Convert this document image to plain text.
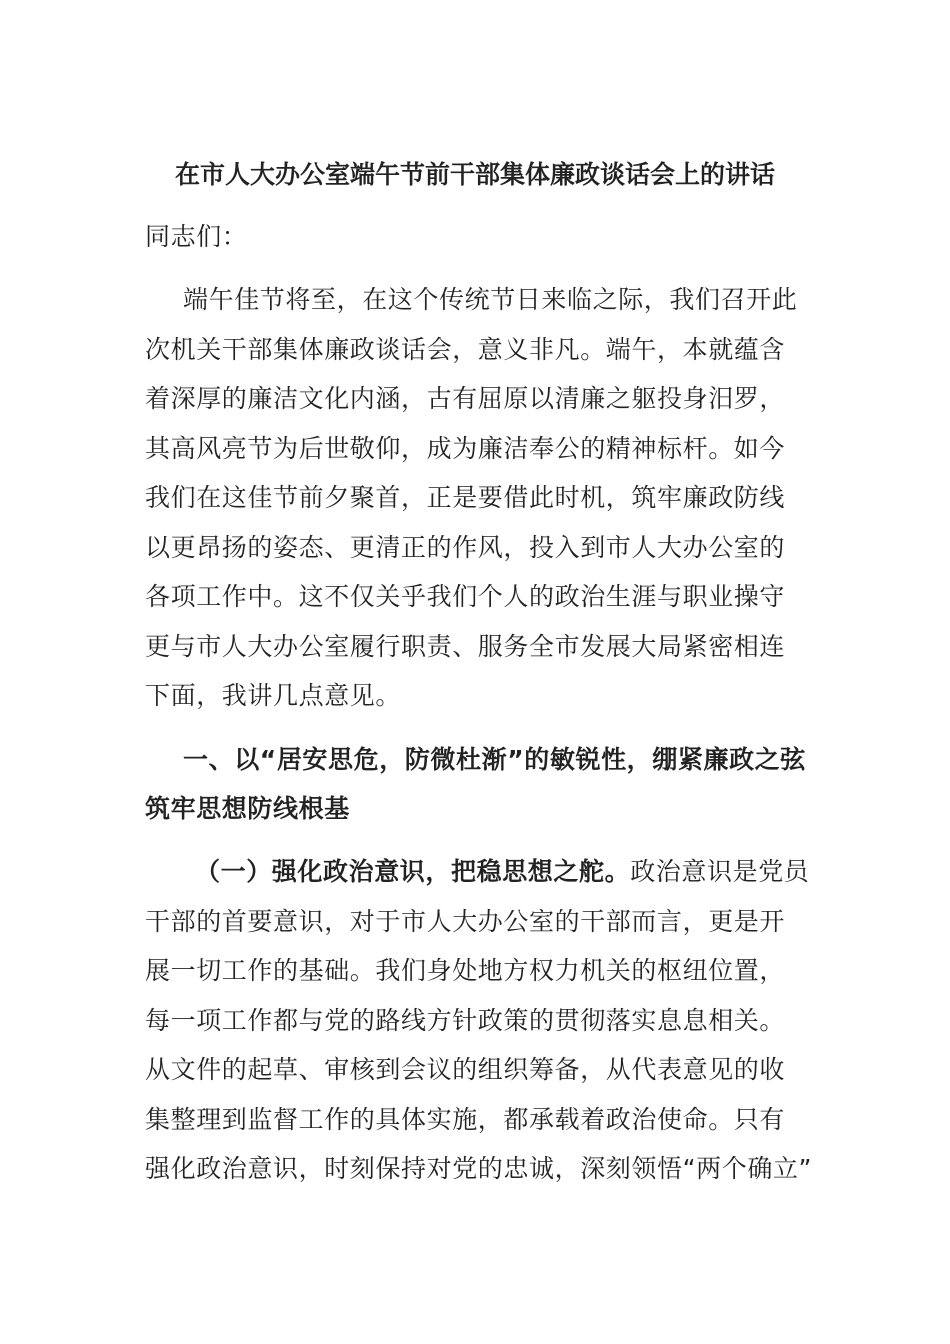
在市人大办公室端午节前干部集体廉政谈话会上的讲话
同志们：
端午佳节将至，在这个传统节日来临之际，我们召开此
次机关干部集体廉政谈话会，意义非凡。端午，本就蕴含
着深厚的廉洁文化内涵，古有屈原以清廉之躯投身汨罗，
其高风亮节为后世敬仰，成为廉洁奉公的精神标杆。如今
我们在这佳节前夕聚首，正是要借此时机，筑牢廉政防线
以更昂扬的姿态、更清正的作风，投入到市人大办公室的
各项工作中。这不仅关乎我们个人的政治生涯与职业操守
更与市人大办公室履行职责、服务全市发展大局紧密相连
下面，我讲几点意见。
一、以“居安思危，防微杜渐”的敏锐性，绷紧廉政之弦
筑牢思想防线根基
（一）强化政治意识，把稳思想之舵。政治意识是党员
干部的首要意识，对于市人大办公室的干部而言，更是开
展一切工作的基础。我们身处地方权力机关的枢纽位置，
每一项工作都与党的路线方针政策的贯彻落实息息相关。
从文件的起草、审核到会议的组织筹备，从代表意见的收
集整理到监督工作的具体实施，都承载着政治使命。只有
强化政治意识，时刻保持对党的忠诚，深刻领悟“两个确立”
